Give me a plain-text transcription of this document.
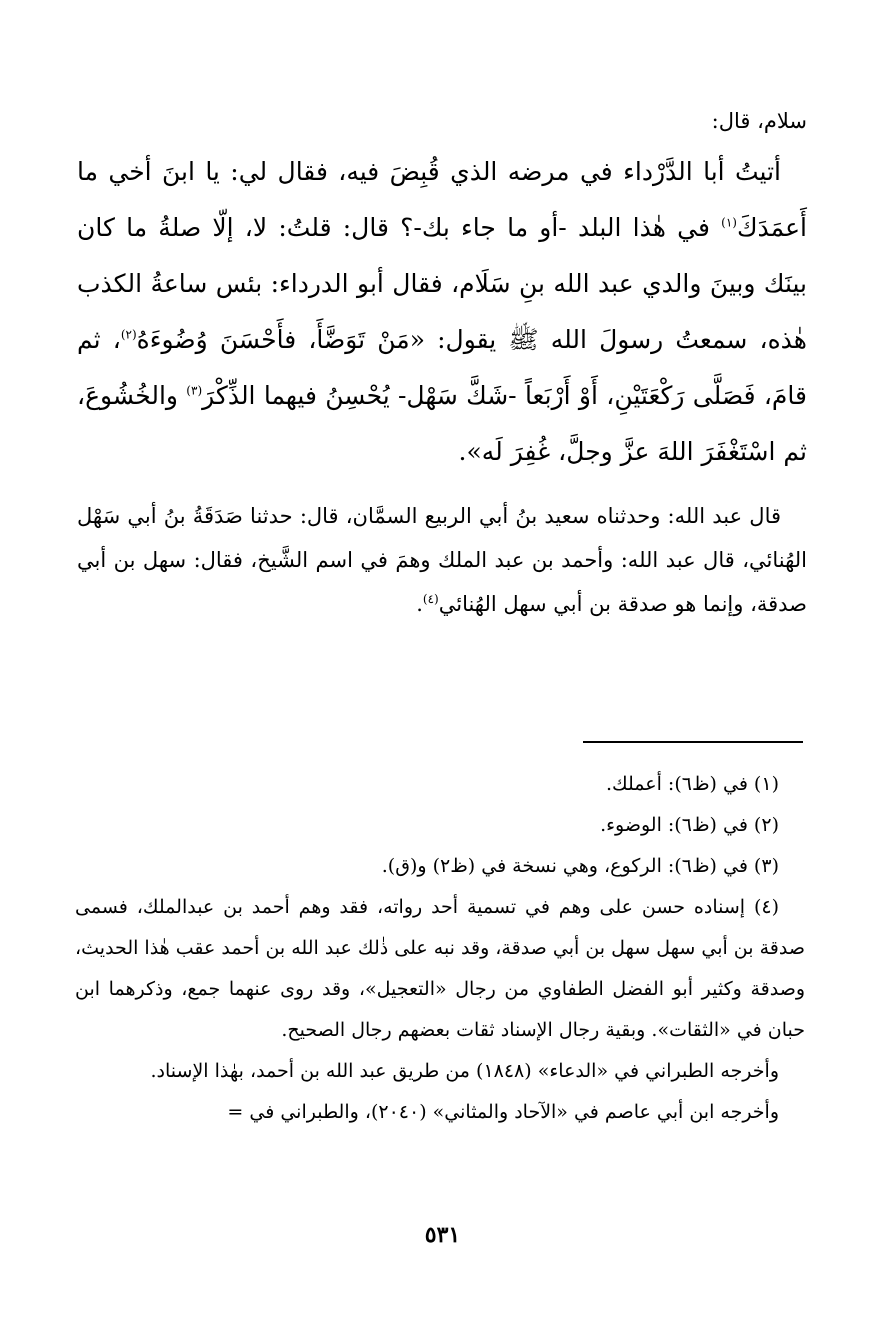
سلام، قال:

أتيتُ أبا الدَّرْداء في مرضه الذي قُبِضَ فيه، فقال لي: يا ابنَ أخي ما أَعمَدَكَ$^{(١)}$ في هٰذا البلد -أو ما جاء بك-؟ قال: قلتُ: لا، إلّا صلةُ ما كان بينَك وبينَ والدي عبد الله بنِ سَلَام، فقال أبو الدرداء: بئس ساعةُ الكذب هٰذه، سمعتُ رسولَ الله ﷺ يقول: «مَنْ تَوَضَّأَ، فأَحْسَنَ وُضُوءَهُ$^{(٢)}$، ثم قامَ، فَصَلَّى رَكْعَتَيْنِ، أَوْ أَرْبَعاً -شَكَّ سَهْل- يُحْسِنُ فيهما الذِّكْرَ$^{(٣)}$ والخُشُوعَ، ثم اسْتَغْفَرَ اللهَ عزَّ وجلَّ، غُفِرَ لَه».

قال عبد الله: وحدثناه سعيد بنُ أبي الربيع السمَّان، قال: حدثنا صَدَقَةُ بنُ أبي سَهْل الهُنائي، قال عبد الله: وأحمد بن عبد الملك وهمَ في اسم الشَّيخ، فقال: سهل بن أبي صدقة، وإنما هو صدقة بن أبي سهل الهُنائي$^{(٤)}$.

(١) في (ظ٦): أعملك.

(٢) في (ظ٦): الوضوء.

(٣) في (ظ٦): الركوع، وهي نسخة في (ظ٢) و(ق).

(٤) إسناده حسن على وهم في تسمية أحد رواته، فقد وهم أحمد بن عبدالملك، فسمى صدقة بن أبي سهل سهل بن أبي صدقة، وقد نبه على ذٰلك عبد الله بن أحمد عقب هٰذا الحديث، وصدقة وكثير أبو الفضل الطفاوي من رجال «التعجيل»، وقد روى عنهما جمع، وذكرهما ابن حبان في «الثقات». وبقية رجال الإسناد ثقات بعضهم رجال الصحيح.

وأخرجه الطبراني في «الدعاء» (١٨٤٨) من طريق عبد الله بن أحمد، بهٰذا الإسناد.

وأخرجه ابن أبي عاصم في «الآحاد والمثاني» (٢٠٤٠)، والطبراني في =

٥٣١
